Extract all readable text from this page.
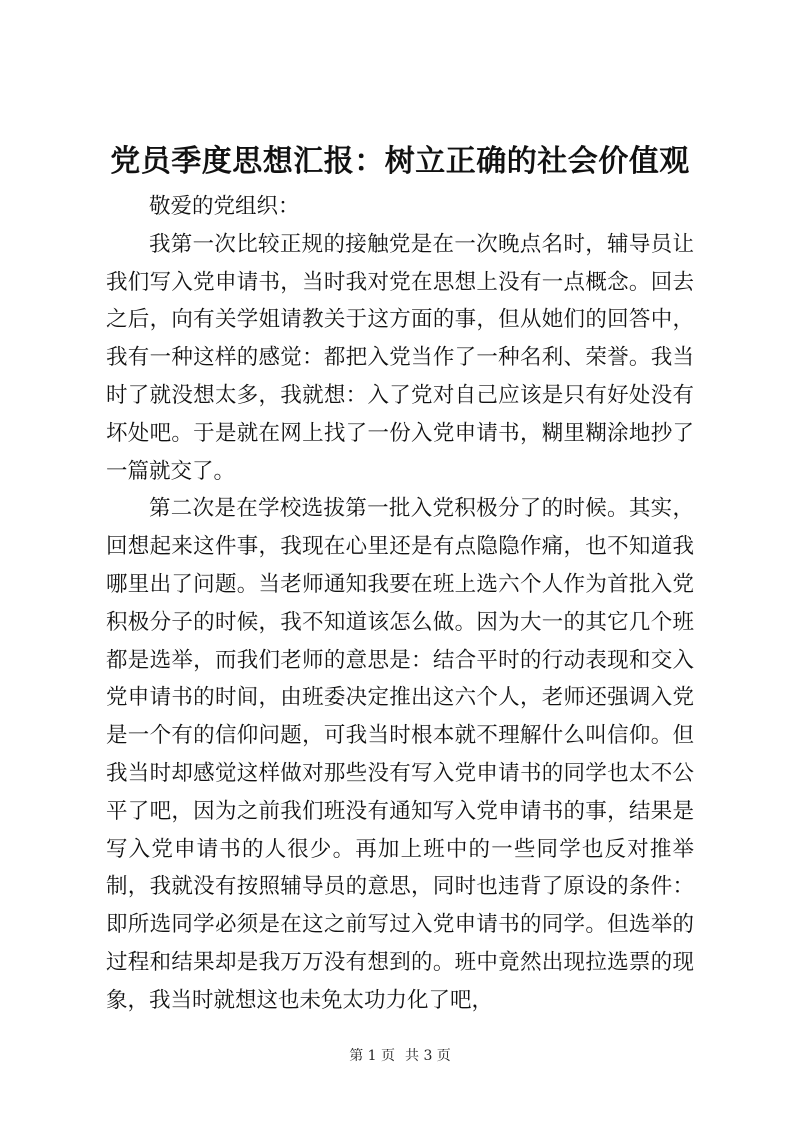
党员季度思想汇报：树立正确的社会价值观

敬爱的党组织：

我第一次比较正规的接触党是在一次晚点名时，辅导员让我们写入党申请书，当时我对党在思想上没有一点概念。回去之后，向有关学姐请教关于这方面的事，但从她们的回答中，我有一种这样的感觉：都把入党当作了一种名利、荣誉。我当时了就没想太多，我就想：入了党对自己应该是只有好处没有坏处吧。于是就在网上找了一份入党申请书，糊里糊涂地抄了一篇就交了。

第二次是在学校选拔第一批入党积极分了的时候。其实，回想起来这件事，我现在心里还是有点隐隐作痛，也不知道我哪里出了问题。当老师通知我要在班上选六个人作为首批入党积极分子的时候，我不知道该怎么做。因为大一的其它几个班都是选举，而我们老师的意思是：结合平时的行动表现和交入党申请书的时间，由班委决定推出这六个人，老师还强调入党是一个有的信仰问题，可我当时根本就不理解什么叫信仰。但我当时却感觉这样做对那些没有写入党申请书的同学也太不公平了吧，因为之前我们班没有通知写入党申请书的事，结果是写入党申请书的人很少。再加上班中的一些同学也反对推举制，我就没有按照辅导员的意思，同时也违背了原设的条件：即所选同学必须是在这之前写过入党申请书的同学。但选举的过程和结果却是我万万没有想到的。班中竟然出现拉选票的现象，我当时就想这也未免太功力化了吧，

第 1 页 共 3 页
